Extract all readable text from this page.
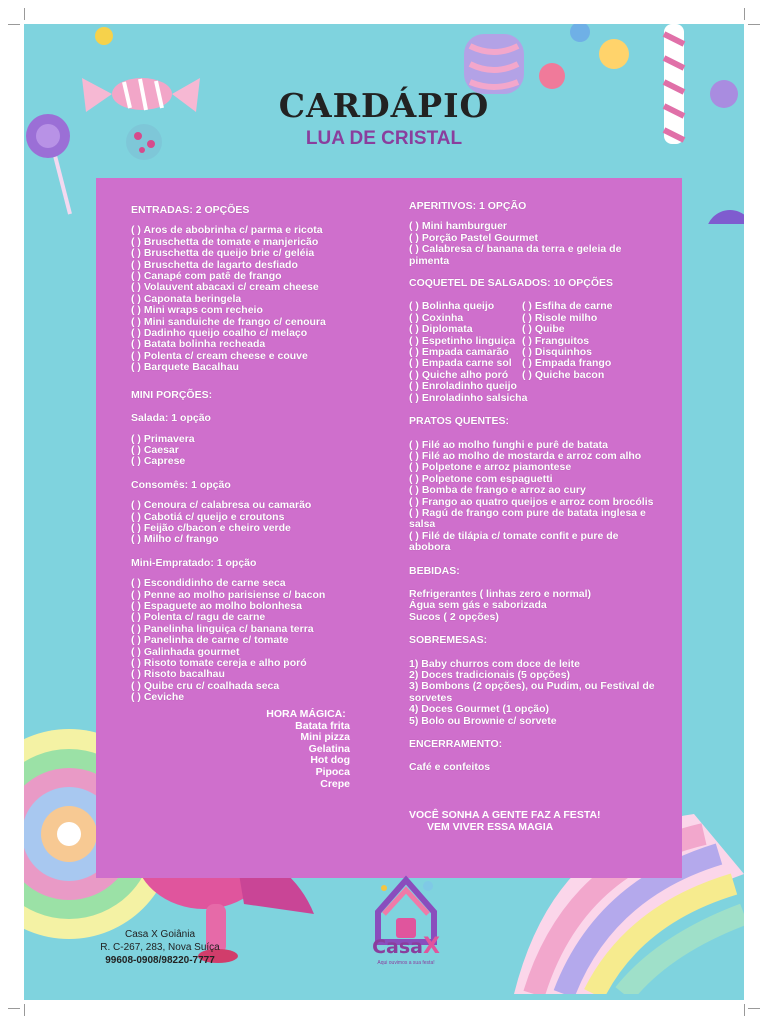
CARDÁPIO
LUA DE CRISTAL
ENTRADAS: 2 OPÇÕES
( ) Aros de abobrinha c/ parma e ricota
( ) Bruschetta de tomate e manjericão
( ) Bruschetta de queijo brie c/ geléia
( ) Bruschetta de lagarto desfiado
( ) Canapé com patê de frango
( ) Volauvent abacaxi c/ cream cheese
( ) Caponata beringela
( ) Mini wraps com recheio
( ) Mini sanduiche de frango c/ cenoura
( ) Dadinho queijo coalho c/ melaço
( ) Batata bolinha recheada
( ) Polenta c/ cream cheese e couve
( ) Barquete Bacalhau
MINI PORÇÕES:
Salada: 1 opção
( ) Primavera
( ) Caesar
( ) Caprese
Consomês: 1 opção
( ) Cenoura c/ calabresa ou camarão
( ) Cabotiá c/ queijo e croutons
( ) Feijão c/bacon e cheiro verde
( ) Milho c/ frango
Mini-Empratado: 1 opção
( ) Escondidinho de carne seca
( ) Penne ao molho parisiense c/ bacon
( ) Espaguete ao molho bolonhesa
( ) Polenta c/ ragu de carne
( ) Panelinha linguiça c/ banana terra
( ) Panelinha de carne c/ tomate
( ) Galinhada gourmet
( ) Risoto tomate cereja e alho poró
( ) Risoto bacalhau
( ) Quibe cru c/ coalhada seca
( ) Ceviche
HORA MÁGICA:
Batata frita
Mini pizza
Gelatina
Hot dog
Pipoca
Crepe
APERITIVOS: 1 OPÇÃO
( ) Mini hamburguer
( ) Porção Pastel Gourmet
( ) Calabresa c/ banana da terra e geleia de pimenta
COQUETEL DE SALGADOS: 10 OPÇÕES
( ) Bolinha queijo
( ) Coxinha
( ) Diplomata
( ) Espetinho linguiça
( ) Empada camarão
( ) Empada carne sol
( ) Quiche alho poró
( ) Enroladinho queijo
( ) Enroladinho salsicha
( ) Esfiha de carne
( ) Risole milho
( ) Quibe
( ) Franguitos
( ) Disquinhos
( ) Empada frango
( ) Quiche bacon
PRATOS QUENTES:
( ) Filé ao molho funghi e purê de batata
( ) Filé ao molho de mostarda e arroz com alho
( ) Polpetone e arroz piamontese
( ) Polpetone com espaguetti
( ) Bomba de frango e arroz ao cury
( ) Frango ao quatro queijos e arroz com brocólis
( ) Ragú de frango com pure de batata inglesa e salsa
( ) Filé de tilápia c/ tomate confit e pure de abobora
BEBIDAS:
Refrigerantes ( linhas zero e normal)
Água sem gás e saborizada
Sucos ( 2 opções)
SOBREMESAS:
1) Baby churros com doce de leite
2) Doces tradicionais (5 opções)
3) Bombons (2 opções), ou Pudim, ou Festival de sorvetes
4) Doces Gourmet (1 opção)
5) Bolo ou Brownie c/ sorvete
ENCERRAMENTO:
Café e confeitos
VOCÊ SONHA A GENTE FAZ A FESTA!
VEM VIVER ESSA MAGIA
CasaX
Aqui ouvimos a sua festa!
Casa X Goiânia
R. C-267, 283, Nova Suíça
99608-0908/98220-7777
